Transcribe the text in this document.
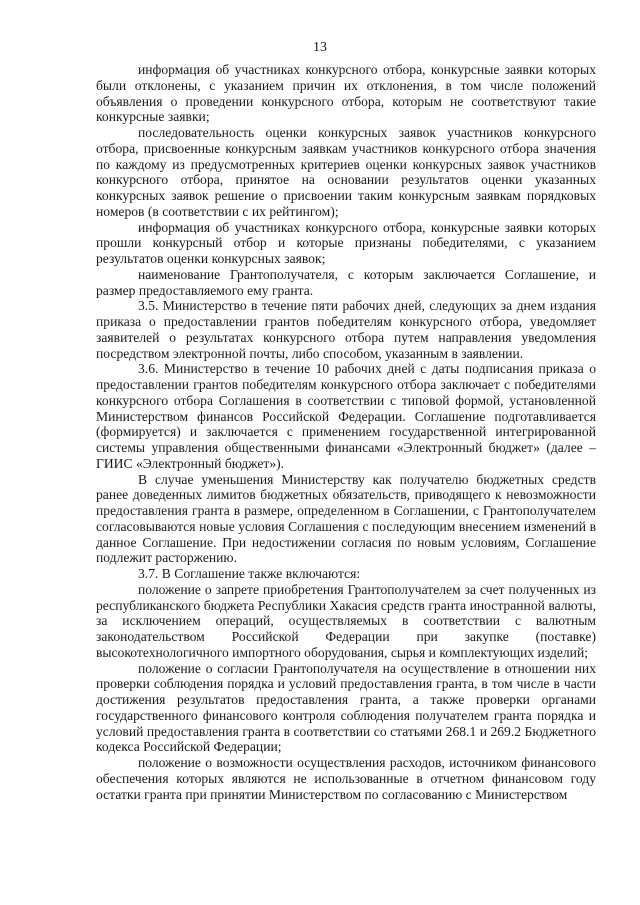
13

информация об участниках конкурсного отбора, конкурсные заявки которых были отклонены, с указанием причин их отклонения, в том числе положений объявления о проведении конкурсного отбора, которым не соответствуют такие конкурсные заявки;

последовательность оценки конкурсных заявок участников конкурсного отбора, присвоенные конкурсным заявкам участников конкурсного отбора значения по каждому из предусмотренных критериев оценки конкурсных заявок участников конкурсного отбора, принятое на основании результатов оценки указанных конкурсных заявок решение о присвоении таким конкурсным заявкам порядковых номеров (в соответствии с их рейтингом);

информация об участниках конкурсного отбора, конкурсные заявки которых прошли конкурсный отбор и которые признаны победителями, с указанием результатов оценки конкурсных заявок;

наименование Грантополучателя, с которым заключается Соглашение, и размер предоставляемого ему гранта.

3.5. Министерство в течение пяти рабочих дней, следующих за днем издания приказа о предоставлении грантов победителям конкурсного отбора, уведомляет заявителей о результатах конкурсного отбора путем направления уведомления посредством электронной почты, либо способом, указанным в заявлении.

3.6. Министерство в течение 10 рабочих дней с даты подписания приказа о предоставлении грантов победителям конкурсного отбора заключает с победителями конкурсного отбора Соглашения в соответствии с типовой формой, установленной Министерством финансов Российской Федерации. Соглашение подготавливается (формируется) и заключается с применением государственной интегрированной системы управления общественными финансами «Электронный бюджет» (далее – ГИИС «Электронный бюджет»).

В случае уменьшения Министерству как получателю бюджетных средств ранее доведенных лимитов бюджетных обязательств, приводящего к невозможности предоставления гранта в размере, определенном в Соглашении, с Грантополучателем согласовываются новые условия Соглашения с последующим внесением изменений в данное Соглашение. При недостижении согласия по новым условиям, Соглашение подлежит расторжению.

3.7. В Соглашение также включаются:

положение о запрете приобретения Грантополучателем за счет полученных из республиканского бюджета Республики Хакасия средств гранта иностранной валюты, за исключением операций, осуществляемых в соответствии с валютным законодательством Российской Федерации при закупке (поставке) высокотехнологичного импортного оборудования, сырья и комплектующих изделий;

положение о согласии Грантополучателя на осуществление в отношении них проверки соблюдения порядка и условий предоставления гранта, в том числе в части достижения результатов предоставления гранта, а также проверки органами государственного финансового контроля соблюдения получателем гранта порядка и условий предоставления гранта в соответствии со статьями 268.1 и 269.2 Бюджетного кодекса Российской Федерации;

положение о возможности осуществления расходов, источником финансового обеспечения которых являются не использованные в отчетном финансовом году остатки гранта при принятии Министерством по согласованию с Министерством
